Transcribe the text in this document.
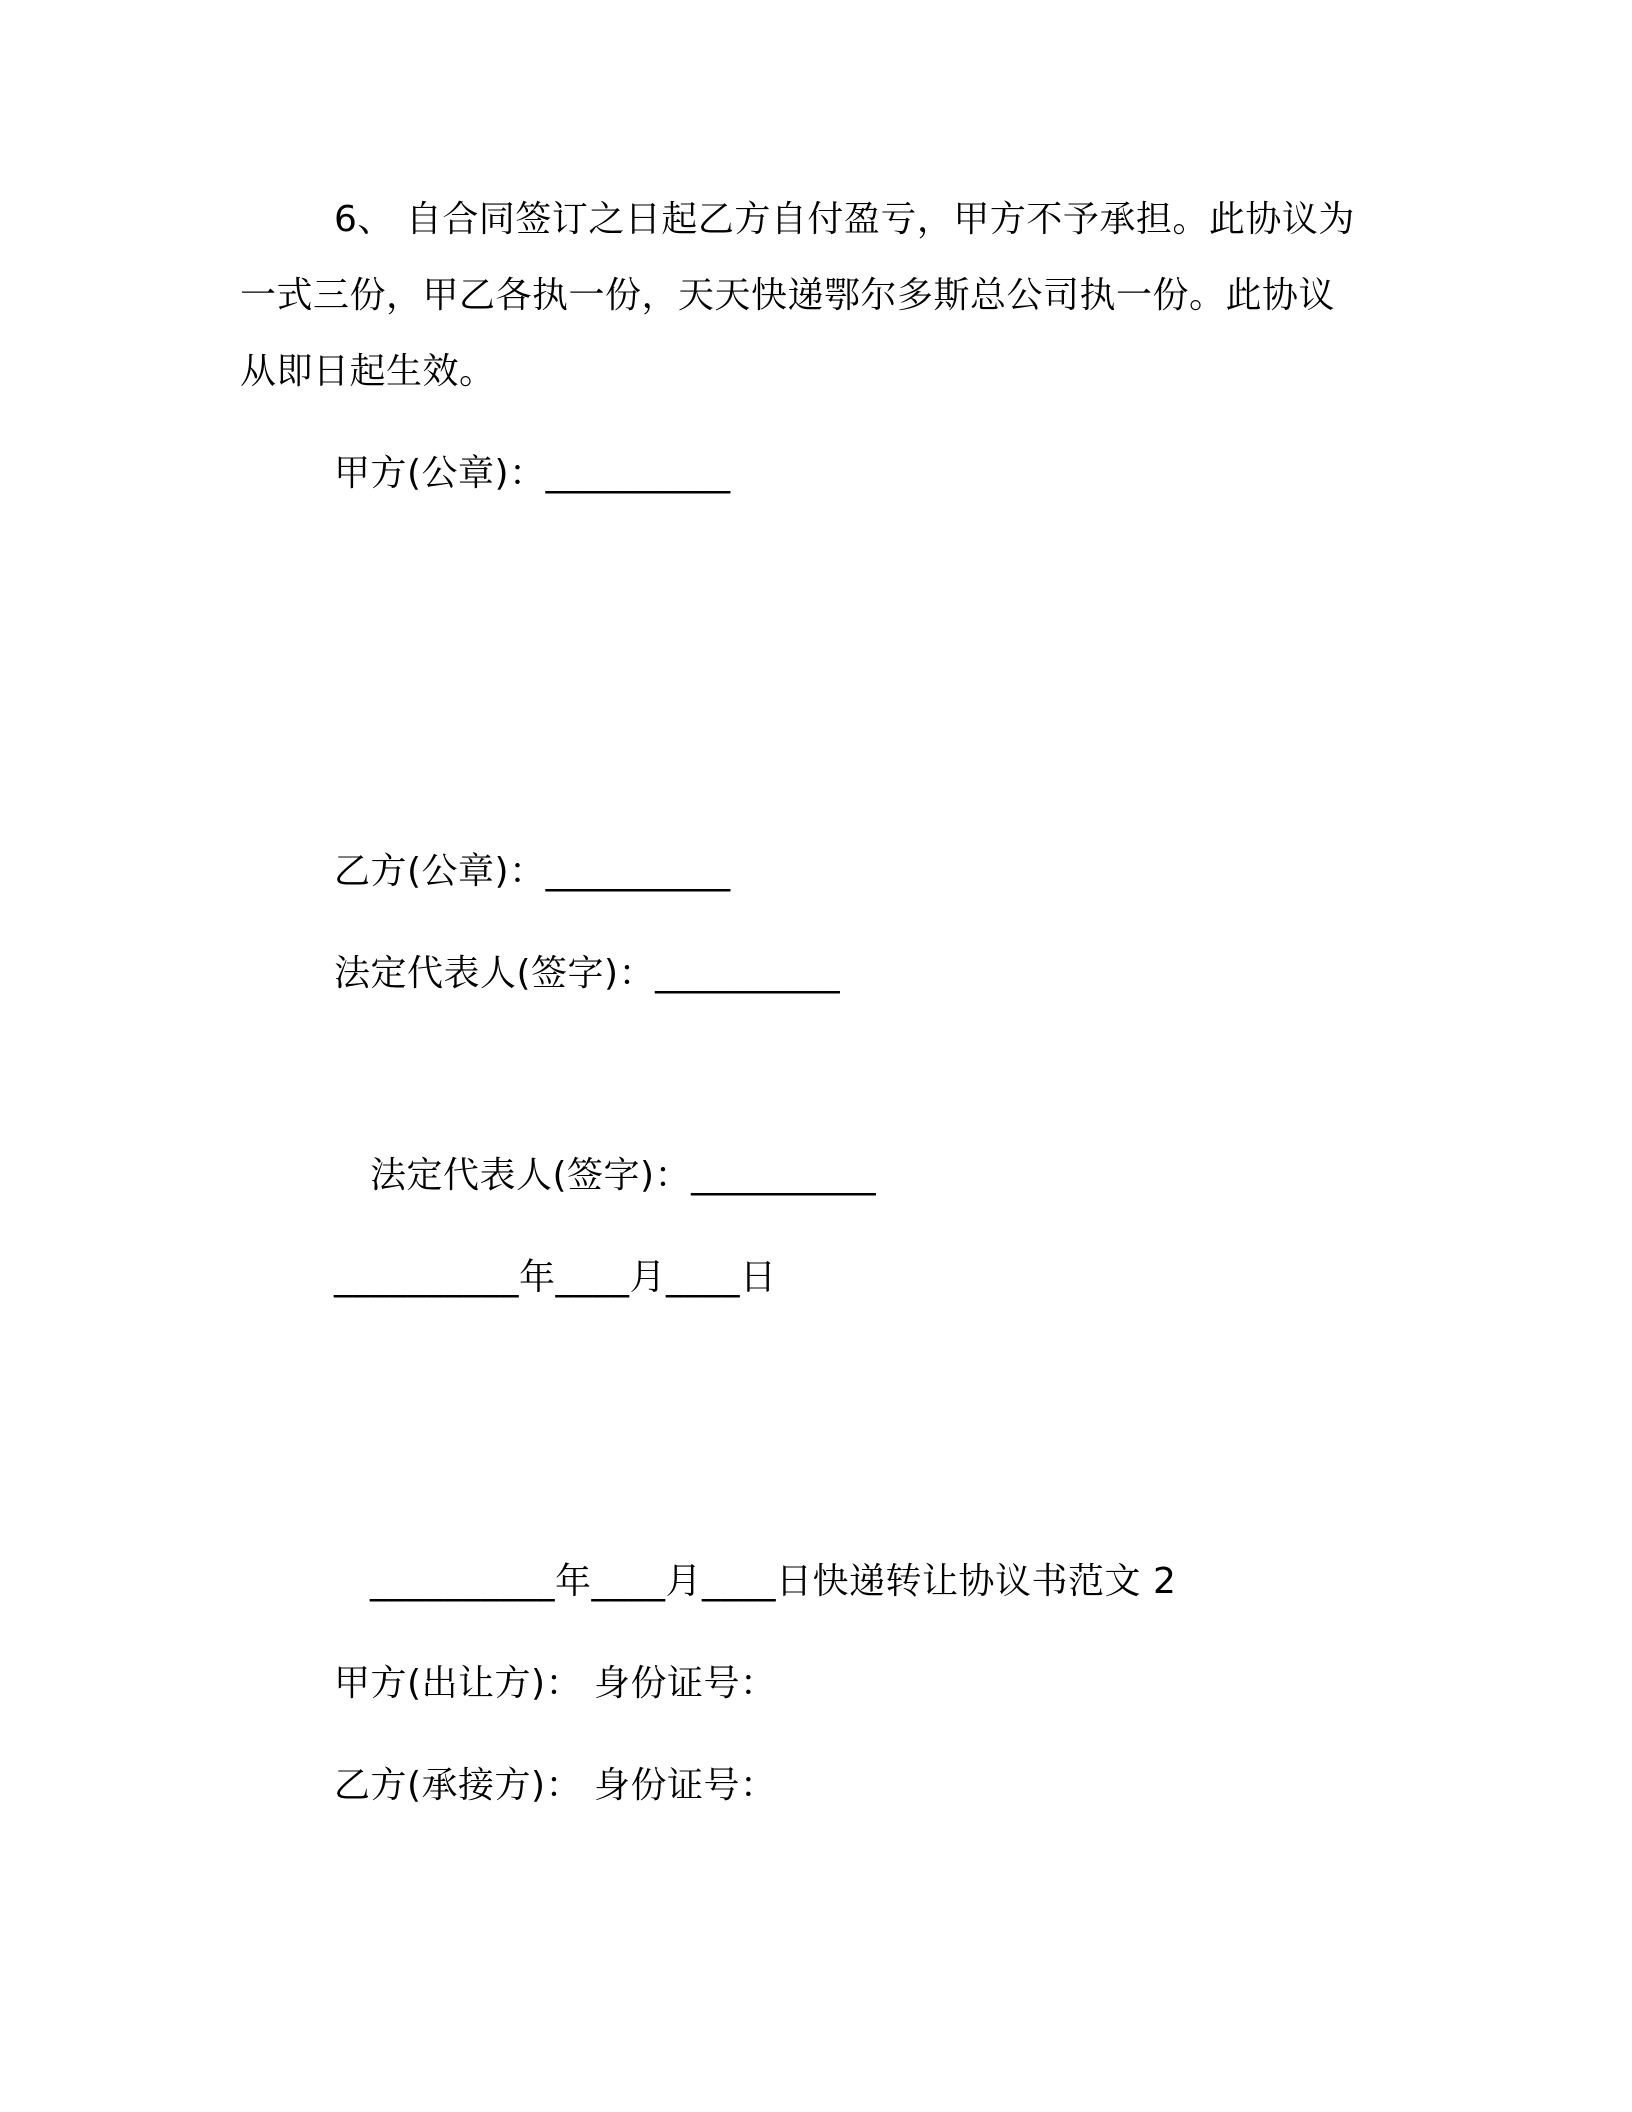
6、 自合同签订之日起乙方自付盈亏，甲方不予承担。此协议为
一式三份，甲乙各执一份，天天快递鄂尔多斯总公司执一份。此协议
从即日起生效。
甲方(公章)：__________
乙方(公章)：__________
法定代表人(签字)：__________
法定代表人(签字)：__________
__________年____月____日
__________年____月____日快递转让协议书范文 2
甲方(出让方)： 身份证号：
乙方(承接方)： 身份证号：
